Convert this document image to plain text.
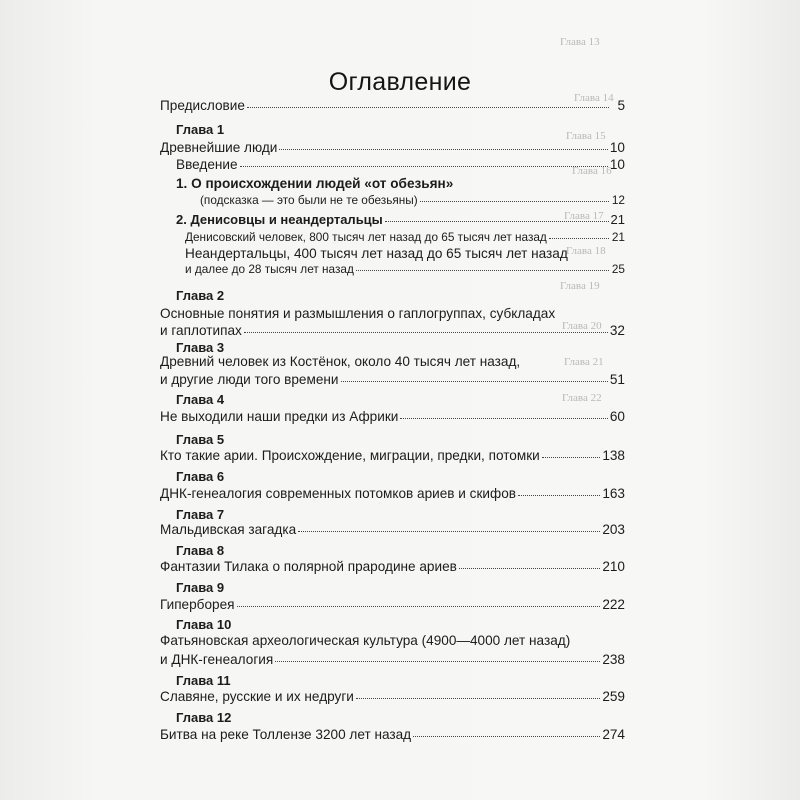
Глава 13
Глава 14
Глава 15
Глава 16
Глава 17
Глава 18
Глава 19
Глава 20
Глава 21
Глава 22
Оглавление
Предисловие	5
Глава 1
Древнейшие люди	10
Введение	10
1. О происхождении людей «от обезьян»
(подсказка — это были не те обезьяны)	12
2. Денисовцы и неандертальцы	21
Денисовский человек, 800 тысяч лет назад до 65 тысяч лет назад	21
Неандертальцы, 400 тысяч лет назад до 65 тысяч лет назад
и далее до 28 тысяч лет назад	25
Глава 2
Основные понятия и размышления о гаплогруппах, субкладах
и гаплотипах	32
Глава 3
Древний человек из Костёнок, около 40 тысяч лет назад,
и другие люди того времени	51
Глава 4
Не выходили наши предки из Африки	60
Глава 5
Кто такие арии. Происхождение, миграции, предки, потомки	138
Глава 6
ДНК-генеалогия современных потомков ариев и скифов	163
Глава 7
Мальдивская загадка	203
Глава 8
Фантазии Тилака о полярной прародине ариев	210
Глава 9
Гиперборея	222
Глава 10
Фатьяновская археологическая культура (4900—4000 лет назад)
и ДНК-генеалогия	238
Глава 11
Славяне, русские и их недруги	259
Глава 12
Битва на реке Толлензе 3200 лет назад	274
